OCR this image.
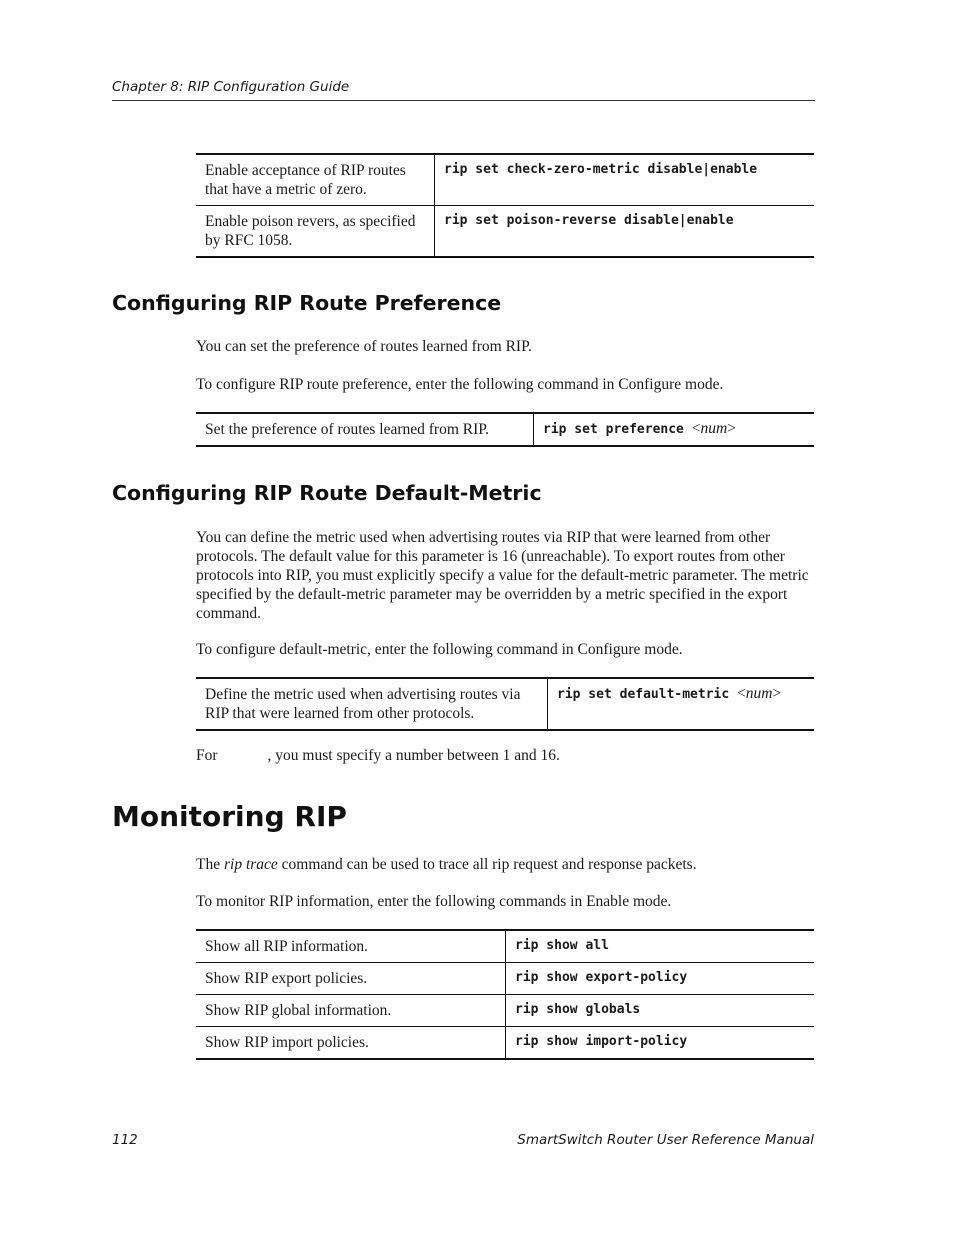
Chapter 8: RIP Configuration Guide
Enable acceptance of RIP routes that have a metric of zero.	rip set check-zero-metric disable|enable
Enable poison revers, as specified by RFC 1058.	rip set poison-reverse disable|enable
Configuring RIP Route Preference
You can set the preference of routes learned from RIP.
To configure RIP route preference, enter the following command in Configure mode.
Set the preference of routes learned from RIP.	rip set preference <num>
Configuring RIP Route Default-Metric
You can define the metric used when advertising routes via RIP that were learned from other protocols. The default value for this parameter is 16 (unreachable). To export routes from other protocols into RIP, you must explicitly specify a value for the default-metric parameter. The metric specified by the default-metric parameter may be overridden by a metric specified in the export command.
To configure default-metric, enter the following command in Configure mode.
Define the metric used when advertising routes via RIP that were learned from other protocols.	rip set default-metric <num>
For	, you must specify a number between 1 and 16.
Monitoring RIP
The rip trace command can be used to trace all rip request and response packets.
To monitor RIP information, enter the following commands in Enable mode.
Show all RIP information.	rip show all
Show RIP export policies.	rip show export-policy
Show RIP global information.	rip show globals
Show RIP import policies.	rip show import-policy
112	SmartSwitch Router User Reference Manual
